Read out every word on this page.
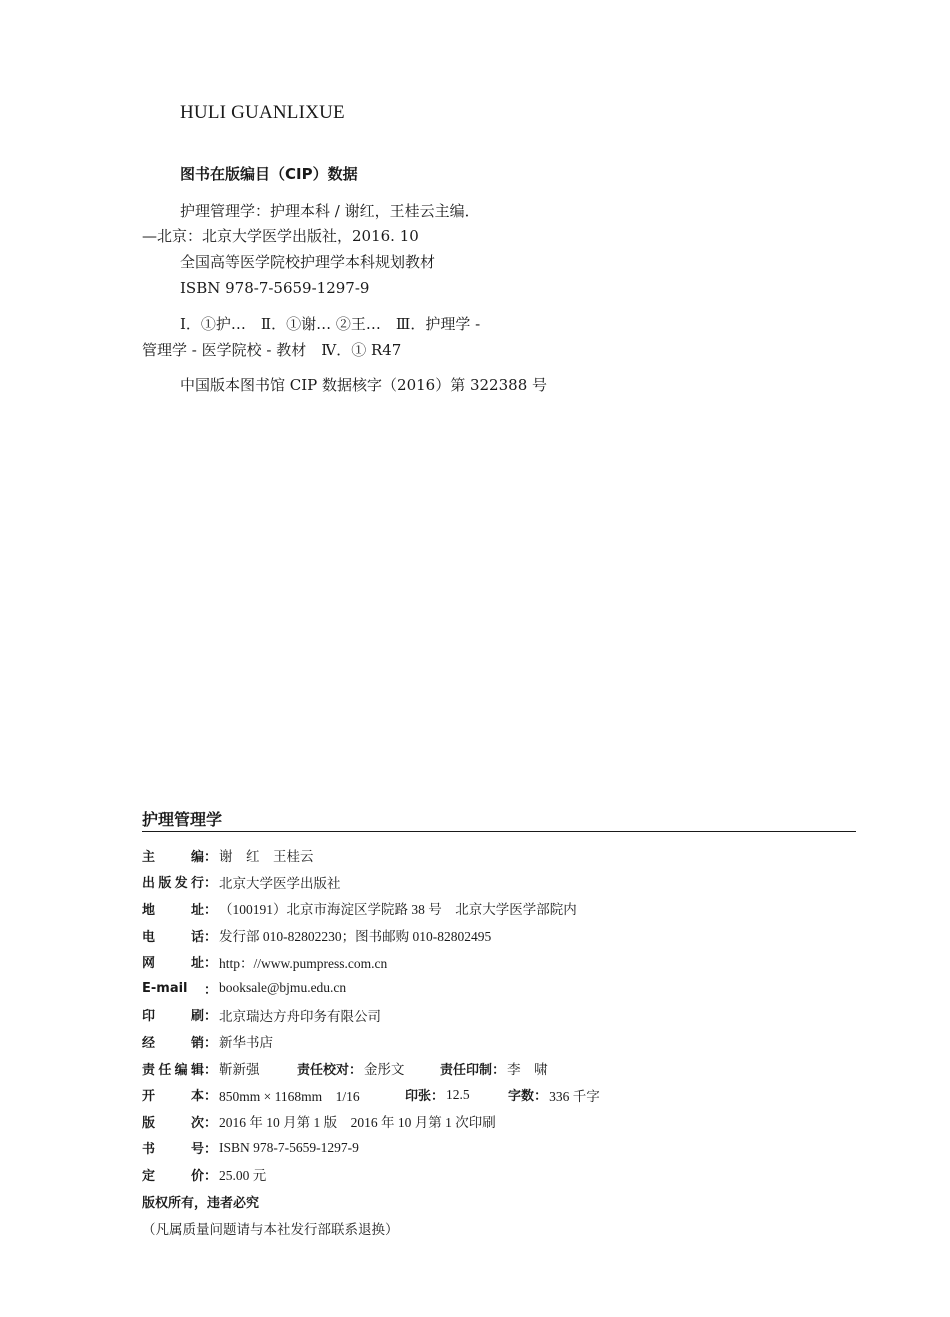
HULI GUANLIXUE
图书在版编目（CIP）数据
护理管理学：护理本科 / 谢红，王桂云主编．
—北京：北京大学医学出版社，2016. 10
全国高等医学院校护理学本科规划教材
ISBN 978-7-5659-1297-9
Ⅰ．①护…　Ⅱ．①谢… ②王…　Ⅲ．护理学 -
管理学 - 医学院校 - 教材　Ⅳ．① R47
中国版本图书馆 CIP 数据核字（2016）第 322388 号
护理管理学
主编 ： 谢　红　王桂云
出版发行 ： 北京大学医学出版社
地址 ： （100191）北京市海淀区学院路 38 号　北京大学医学部院内
电话 ： 发行部 010-82802230；图书邮购 010-82802495
网址 ： http：//www.pumpress.com.cn
E-mail	： booksale@bjmu.edu.cn
印刷 ： 北京瑞达方舟印务有限公司
经销 ： 新华书店
责任编辑 ： 靳新强	责任校对 ： 金彤文	责任印制 ： 李　啸
开本 ： 850mm × 1168mm　1/16	印张 ： 12.5	字数 ： 336 千字
版次 ： 2016 年 10 月第 1 版　2016 年 10 月第 1 次印刷
书号 ： ISBN 978-7-5659-1297-9
定价 ： 25.00 元
版权所有，违者必究
（凡属质量问题请与本社发行部联系退换）
